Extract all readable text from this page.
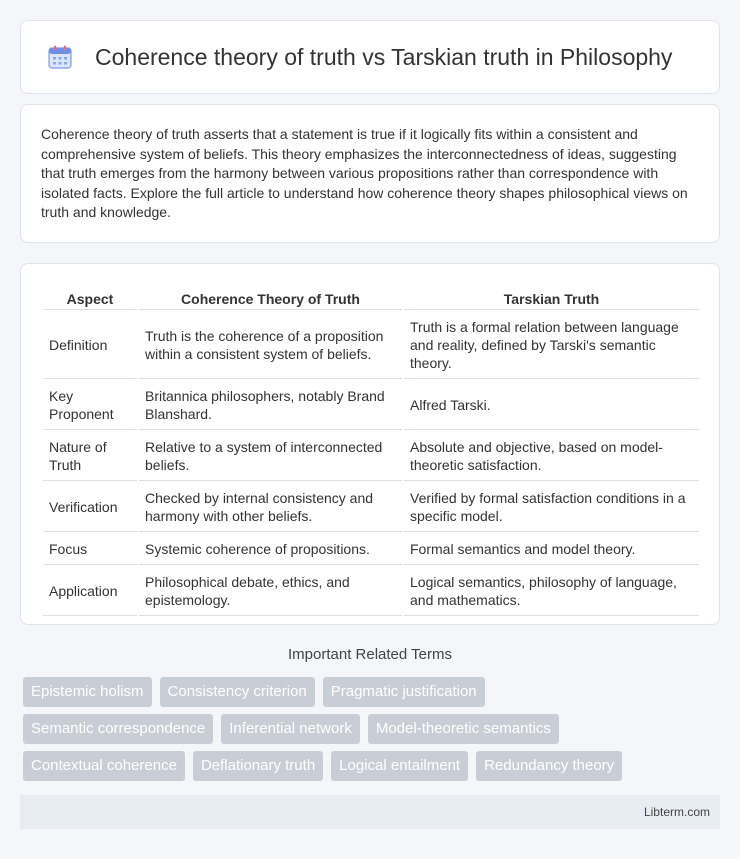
Coherence theory of truth vs Tarskian truth in Philosophy

Coherence theory of truth asserts that a statement is true if it logically fits within a consistent and comprehensive system of beliefs. This theory emphasizes the interconnectedness of ideas, suggesting that truth emerges from the harmony between various propositions rather than correspondence with isolated facts. Explore the full article to understand how coherence theory shapes philosophical views on truth and knowledge.

Aspect	Coherence Theory of Truth	Tarskian Truth
Definition	Truth is the coherence of a proposition within a consistent system of beliefs.	Truth is a formal relation between language and reality, defined by Tarski's semantic theory.
Key Proponent	Britannica philosophers, notably Brand Blanshard.	Alfred Tarski.
Nature of Truth	Relative to a system of interconnected beliefs.	Absolute and objective, based on model-theoretic satisfaction.
Verification	Checked by internal consistency and harmony with other beliefs.	Verified by formal satisfaction conditions in a specific model.
Focus	Systemic coherence of propositions.	Formal semantics and model theory.
Application	Philosophical debate, ethics, and epistemology.	Logical semantics, philosophy of language, and mathematics.
Important Related Terms
Epistemic holism	Consistency criterion	Pragmatic justification
Semantic correspondence	Inferential network	Model-theoretic semantics
Contextual coherence	Deflationary truth	Logical entailment	Redundancy theory
Libterm.com
